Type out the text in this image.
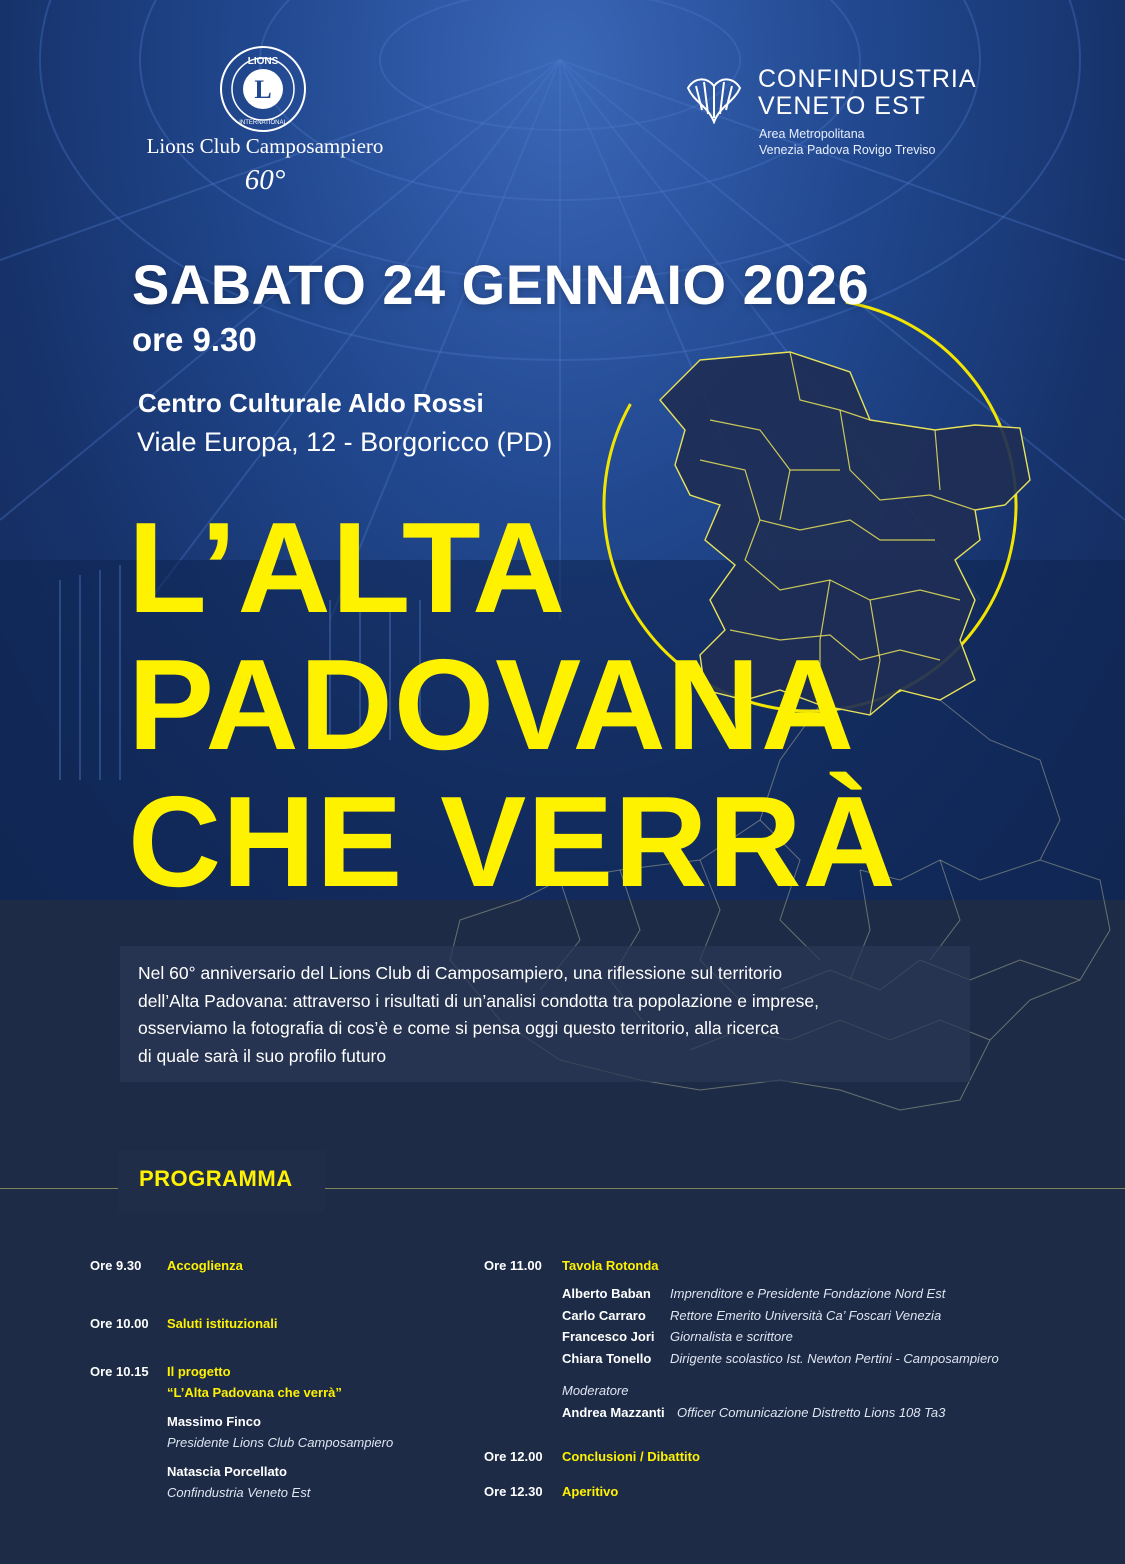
L
LIONS
INTERNATIONAL
Lions Club Camposampiero
60°
CONFINDUSTRIA
VENETO EST
Area Metropolitana
Venezia Padova Rovigo Treviso
SABATO 24 GENNAIO 2026
ore 9.30
Centro Culturale Aldo Rossi
Viale Europa, 12 - Borgoricco (PD)
L’ALTA
PADOVANA
CHE VERRÀ
Nel 60° anniversario del Lions Club di Camposampiero, una riflessione sul territorio
dell’Alta Padovana: attraverso i risultati di un’analisi condotta tra popolazione e imprese,
osserviamo la fotografia di cos’è e come si pensa oggi questo territorio, alla ricerca
di quale sarà il suo profilo futuro
PROGRAMMA
Ore 9.30 Accoglienza
Ore 10.00 Saluti istituzionali
Ore 10.15 Il progetto
“L’Alta Padovana che verrà”
Massimo Finco
Presidente Lions Club Camposampiero
Natascia Porcellato
Confindustria Veneto Est
Ore 11.00 Tavola Rotonda
Alberto Baban Imprenditore e Presidente Fondazione Nord Est
Carlo Carraro Rettore Emerito Università Ca’ Foscari Venezia
Francesco Jori Giornalista e scrittore
Chiara Tonello Dirigente scolastico Ist. Newton Pertini - Camposampiero
Moderatore
Andrea Mazzanti Officer Comunicazione Distretto Lions 108 Ta3
Ore 12.00 Conclusioni / Dibattito
Ore 12.30 Aperitivo
